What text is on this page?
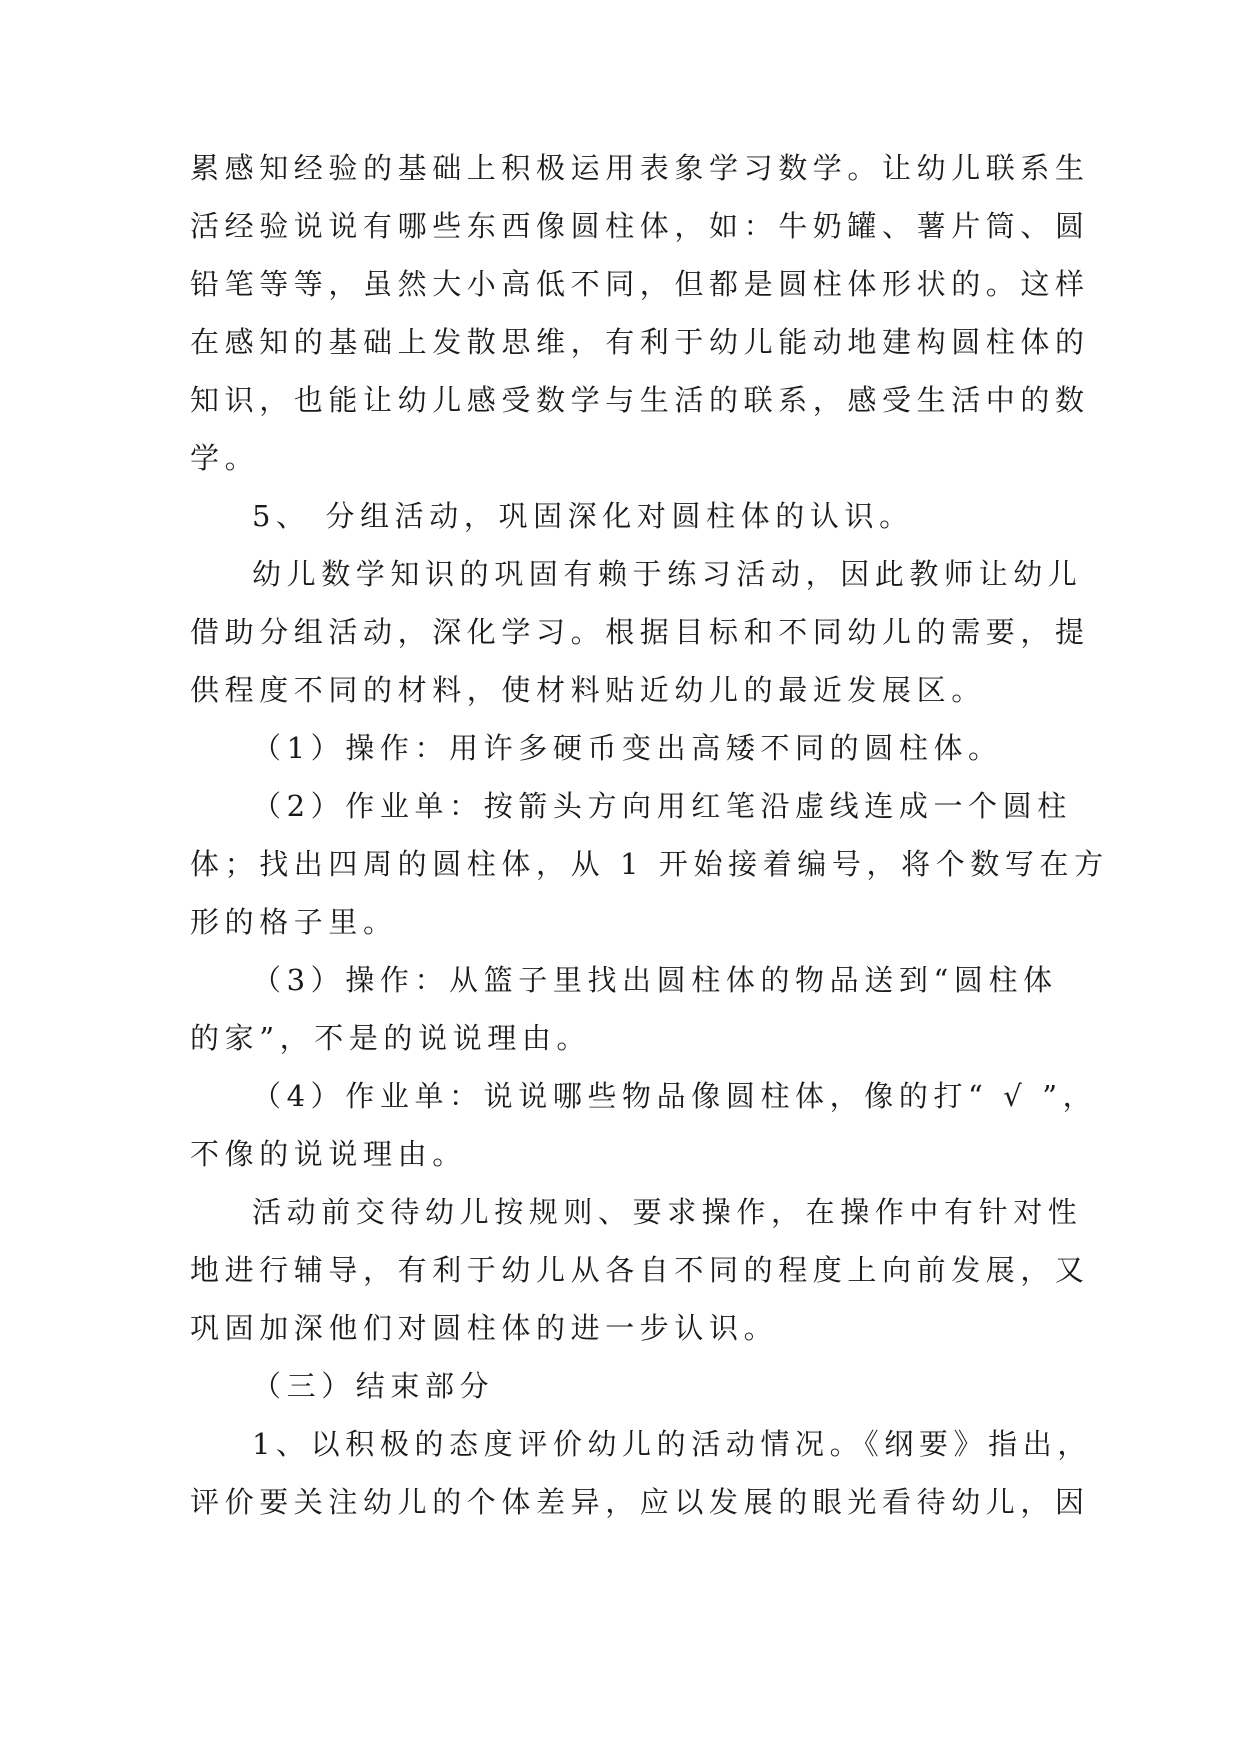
累感知经验的基础上积极运用表象学习数学。让幼儿联系生

活经验说说有哪些东西像圆柱体，如：牛奶罐、薯片筒、圆

铅笔等等，虽然大小高低不同，但都是圆柱体形状的。这样

在感知的基础上发散思维，有利于幼儿能动地建构圆柱体的

知识，也能让幼儿感受数学与生活的联系，感受生活中的数

学。

5、 分组活动，巩固深化对圆柱体的认识。

幼儿数学知识的巩固有赖于练习活动，因此教师让幼儿

借助分组活动，深化学习。根据目标和不同幼儿的需要，提

供程度不同的材料，使材料贴近幼儿的最近发展区。

（1）操作：用许多硬币变出高矮不同的圆柱体。

（2）作业单：按箭头方向用红笔沿虚线连成一个圆柱

体；找出四周的圆柱体，从 1 开始接着编号，将个数写在方

形的格子里。

（3）操作：从篮子里找出圆柱体的物品送到“圆柱体

的家”，不是的说说理由。

（4）作业单：说说哪些物品像圆柱体，像的打“ √ ”，

不像的说说理由。

活动前交待幼儿按规则、要求操作，在操作中有针对性

地进行辅导，有利于幼儿从各自不同的程度上向前发展，又

巩固加深他们对圆柱体的进一步认识。

（三）结束部分

1、以积极的态度评价幼儿的活动情况。《纲要》指出，

评价要关注幼儿的个体差异，应以发展的眼光看待幼儿，因
